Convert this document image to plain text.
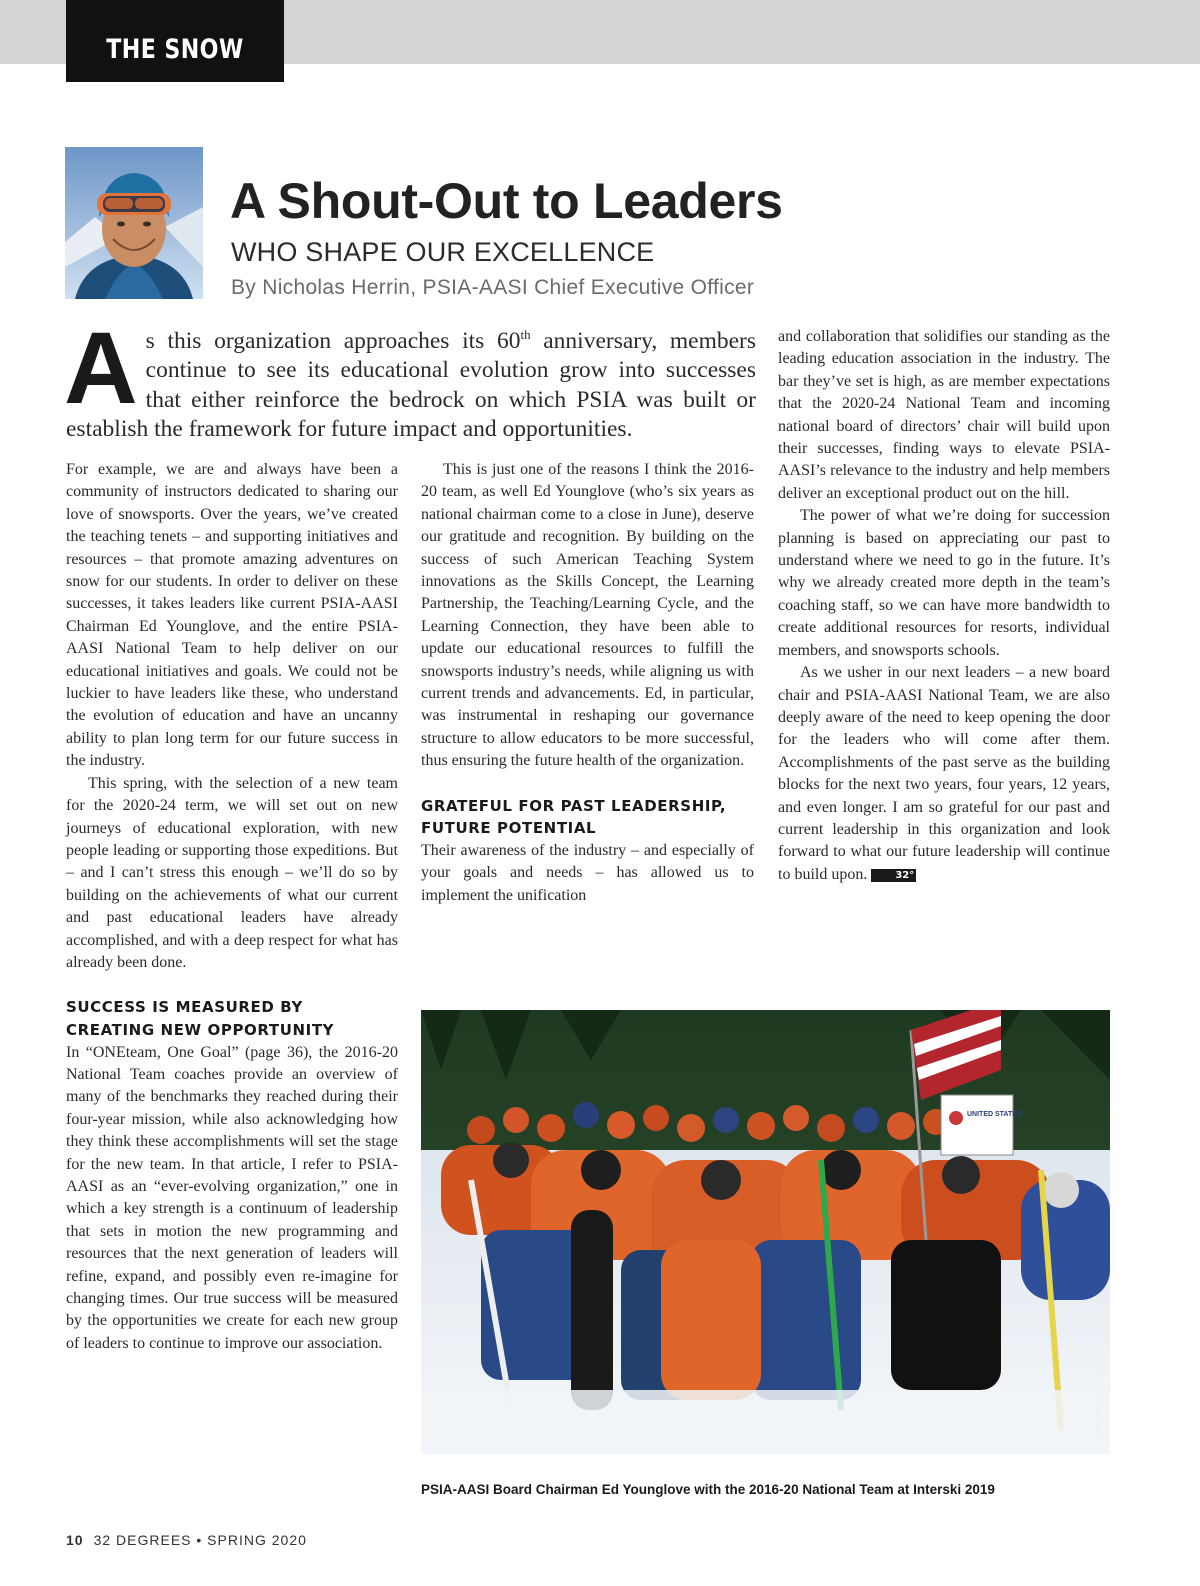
THE SNOW
A Shout-Out to Leaders
WHO SHAPE OUR EXCELLENCE
By Nicholas Herrin, PSIA-AASI Chief Executive Officer
As this organization approaches its 60th anniversary, members continue to see its educational evolution grow into successes that either reinforce the bedrock on which PSIA was built or establish the framework for future impact and opportunities.

For example, we are and always have been a community of instructors dedicated to sharing our love of snowsports. Over the years, we’ve created the teaching tenets – and supporting initiatives and resources – that promote amazing adventures on snow for our students. In order to deliver on these successes, it takes leaders like current PSIA-AASI Chairman Ed Younglove, and the entire PSIA-AASI National Team to help deliver on our educational initiatives and goals. We could not be luckier to have leaders like these, who understand the evolution of education and have an uncanny ability to plan long term for our future success in the industry.

This spring, with the selection of a new team for the 2020-24 term, we will set out on new journeys of educational exploration, with new people leading or supporting those expeditions. But – and I can’t stress this enough – we’ll do so by building on the achievements of what our current and past educational leaders have already accomplished, and with a deep respect for what has already been done.

SUCCESS IS MEASURED BY
CREATING NEW OPPORTUNITY

In “ONEteam, One Goal” (page 36), the 2016-20 National Team coaches provide an overview of many of the benchmarks they reached during their four-year mission, while also acknowledging how they think these accomplishments will set the stage for the new team. In that article, I refer to PSIA-AASI as an “ever-evolving organization,” one in which a key strength is a continuum of leadership that sets in motion the new programming and resources that the next generation of leaders will refine, expand, and possibly even re-imagine for changing times. Our true success will be measured by the opportunities we create for each new group of leaders to continue to improve our association.

This is just one of the reasons I think the 2016-20 team, as well Ed Younglove (who’s six years as national chairman come to a close in June), deserve our gratitude and recognition. By building on the success of such American Teaching System innovations as the Skills Concept, the Learning Partnership, the Teaching/Learning Cycle, and the Learning Connection, they have been able to update our educational resources to fulfill the snowsports industry’s needs, while aligning us with current trends and advancements. Ed, in particular, was instrumental in reshaping our governance structure to allow educators to be more successful, thus ensuring the future health of the organization.

GRATEFUL FOR PAST LEADERSHIP,
FUTURE POTENTIAL

Their awareness of the industry – and especially of your goals and needs – has allowed us to implement the unification

and collaboration that solidifies our standing as the leading education association in the industry. The bar they’ve set is high, as are member expectations that the 2020-24 National Team and incoming national board of directors’ chair will build upon their successes, finding ways to elevate PSIA-AASI’s relevance to the industry and help members deliver an exceptional product out on the hill.

The power of what we’re doing for succession planning is based on appreciating our past to understand where we need to go in the future. It’s why we already created more depth in the team’s coaching staff, so we can have more bandwidth to create additional resources for resorts, individual members, and snowsports schools.

As we usher in our next leaders – a new board chair and PSIA-AASI National Team, we are also deeply aware of the need to keep opening the door for the leaders who will come after them. Accomplishments of the past serve as the building blocks for the next two years, four years, 12 years, and even longer. I am so grateful for our past and current leadership in this organization and look forward to what our future leadership will continue to build upon.	32°

UNITED STATES
LINDA GUERRETTE
PSIA-AASI Board Chairman Ed Younglove with the 2016-20 National Team at Interski 2019
10 32 DEGREES • SPRING 2020
